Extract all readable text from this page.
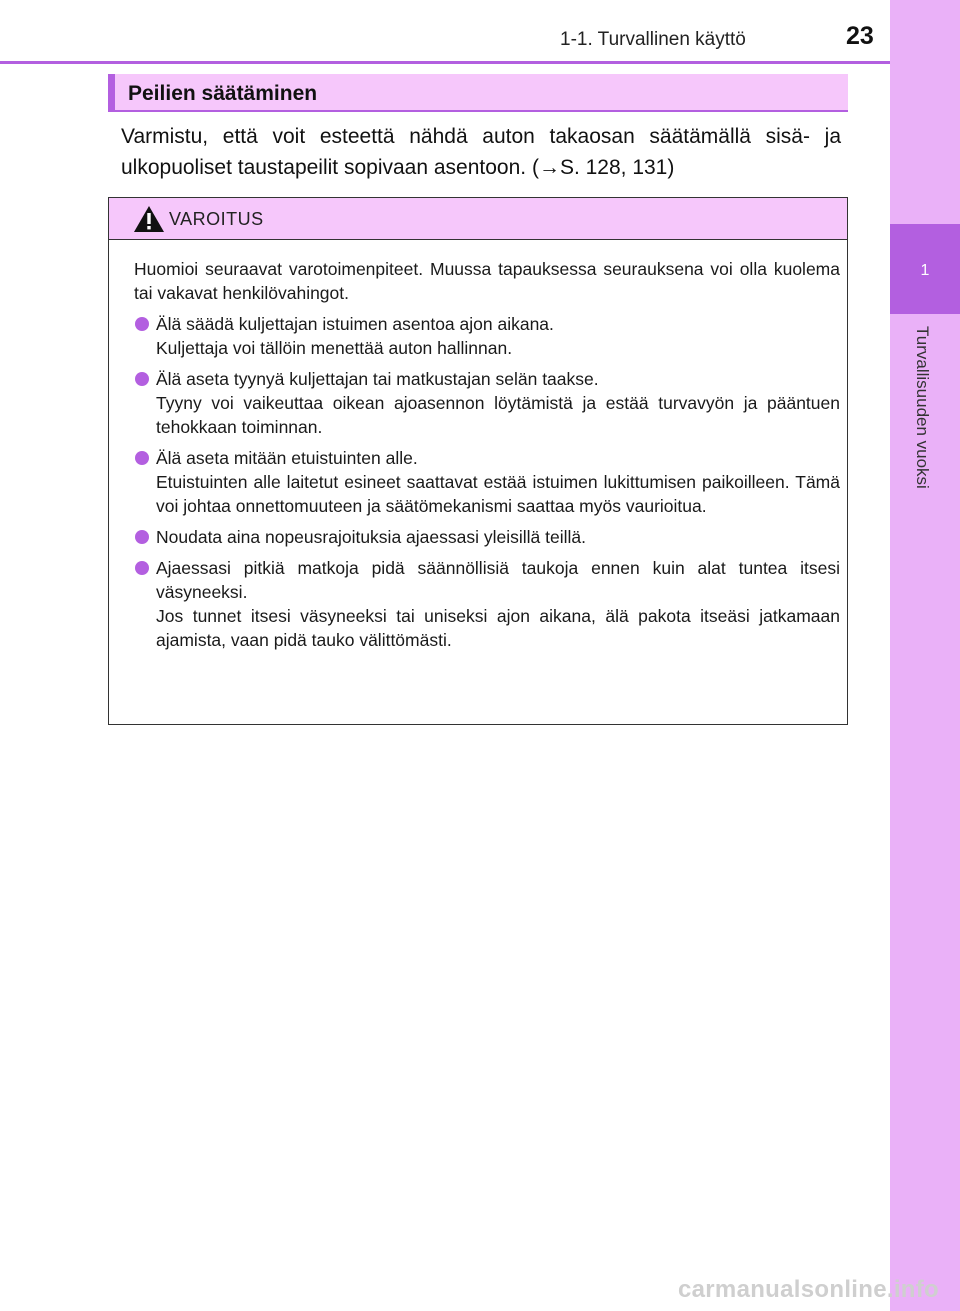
1-1. Turvallinen käyttö	23
1
Turvallisuuden vuoksi
Peilien säätäminen
Varmistu, että voit esteettä nähdä auton takaosan säätämällä sisä- ja ulkopuoliset taustapeilit sopivaan asentoon. (→S. 128, 131)
VAROITUS

Huomioi seuraavat varotoimenpiteet. Muussa tapauksessa seurauksena voi olla kuolema tai vakavat henkilövahingot.

Älä säädä kuljettajan istuimen asentoa ajon aikana.
Kuljettaja voi tällöin menettää auton hallinnan.
Älä aseta tyynyä kuljettajan tai matkustajan selän taakse.
Tyyny voi vaikeuttaa oikean ajoasennon löytämistä ja estää turvavyön ja pääntuen tehokkaan toiminnan.
Älä aseta mitään etuistuinten alle.
Etuistuinten alle laitetut esineet saattavat estää istuimen lukittumisen paikoilleen. Tämä voi johtaa onnettomuuteen ja säätömekanismi saattaa myös vaurioitua.
Noudata aina nopeusrajoituksia ajaessasi yleisillä teillä.
Ajaessasi pitkiä matkoja pidä säännöllisiä taukoja ennen kuin alat tuntea itsesi väsyneeksi.
Jos tunnet itsesi väsyneeksi tai uniseksi ajon aikana, älä pakota itseäsi jatkamaan ajamista, vaan pidä tauko välittömästi.
carmanualsonline.info
